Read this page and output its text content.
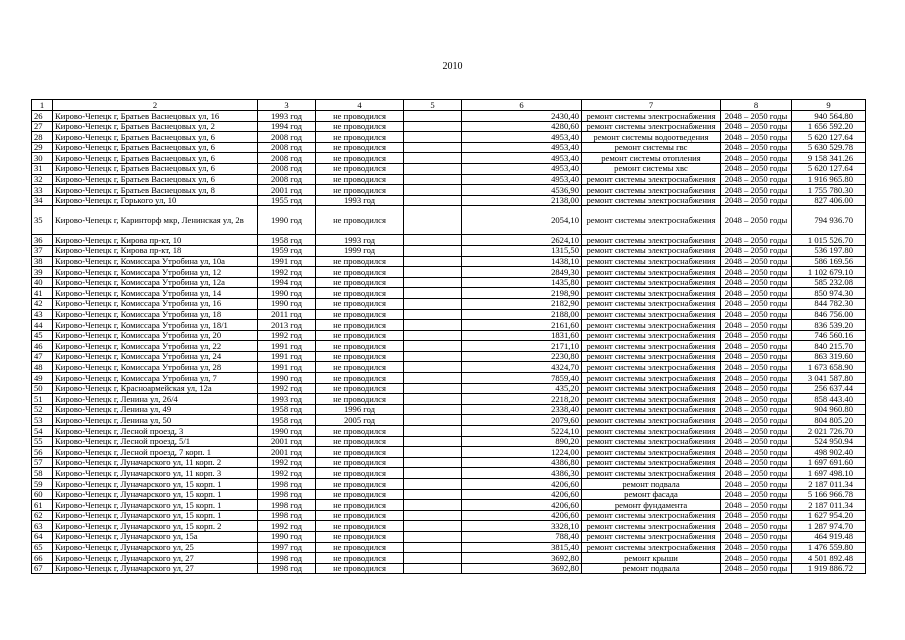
2010
1	2	3	4	5	6	7	8	9
26	Кирово-Чепецк г, Братьев Васнецовых ул, 16	1993 год	не проводился		2430,40	ремонт системы электроснабжения	2048 – 2050 годы	940 564.80
27	Кирово-Чепецк г, Братьев Васнецовых ул, 2	1994 год	не проводился		4280,60	ремонт системы электроснабжения	2048 – 2050 годы	1 656 592.20
28	Кирово-Чепецк г, Братьев Васнецовых ул, 6	2008 год	не проводился		4953,40	ремонт системы водоотведения	2048 – 2050 годы	5 620 127.64
29	Кирово-Чепецк г, Братьев Васнецовых ул, 6	2008 год	не проводился		4953,40	ремонт системы гвс	2048 – 2050 годы	5 630 529.78
30	Кирово-Чепецк г, Братьев Васнецовых ул, 6	2008 год	не проводился		4953,40	ремонт системы отопления	2048 – 2050 годы	9 158 341.26
31	Кирово-Чепецк г, Братьев Васнецовых ул, 6	2008 год	не проводился		4953,40	ремонт системы хвс	2048 – 2050 годы	5 620 127.64
32	Кирово-Чепецк г, Братьев Васнецовых ул, 6	2008 год	не проводился		4953,40	ремонт системы электроснабжения	2048 – 2050 годы	1 916 965.80
33	Кирово-Чепецк г, Братьев Васнецовых ул, 8	2001 год	не проводился		4536,90	ремонт системы электроснабжения	2048 – 2050 годы	1 755 780.30
34	Кирово-Чепецк г, Горького ул, 10	1955 год	1993 год		2138,00	ремонт системы электроснабжения	2048 – 2050 годы	827 406.00
35	Кирово-Чепецк г, Каринторф мкр, Ленинская ул, 2в	1990 год	не проводился		2054,10	ремонт системы электроснабжения	2048 – 2050 годы	794 936.70
36	Кирово-Чепецк г, Кирова пр-кт, 10	1958 год	1993 год		2624,10	ремонт системы электроснабжения	2048 – 2050 годы	1 015 526.70
37	Кирово-Чепецк г, Кирова пр-кт, 18	1959 год	1999 год		1315,50	ремонт системы электроснабжения	2048 – 2050 годы	536 197.80
38	Кирово-Чепецк г, Комиссара Утробина ул, 10а	1991 год	не проводился		1438,10	ремонт системы электроснабжения	2048 – 2050 годы	586 169.56
39	Кирово-Чепецк г, Комиссара Утробина ул, 12	1992 год	не проводился		2849,30	ремонт системы электроснабжения	2048 – 2050 годы	1 102 679.10
40	Кирово-Чепецк г, Комиссара Утробина ул, 12а	1994 год	не проводился		1435,80	ремонт системы электроснабжения	2048 – 2050 годы	585 232.08
41	Кирово-Чепецк г, Комиссара Утробина ул, 14	1990 год	не проводился		2198,90	ремонт системы электроснабжения	2048 – 2050 годы	850 974.30
42	Кирово-Чепецк г, Комиссара Утробина ул, 16	1990 год	не проводился		2182,90	ремонт системы электроснабжения	2048 – 2050 годы	844 782.30
43	Кирово-Чепецк г, Комиссара Утробина ул, 18	2011 год	не проводился		2188,00	ремонт системы электроснабжения	2048 – 2050 годы	846 756.00
44	Кирово-Чепецк г, Комиссара Утробина ул, 18/1	2013 год	не проводился		2161,60	ремонт системы электроснабжения	2048 – 2050 годы	836 539.20
45	Кирово-Чепецк г, Комиссара Утробина ул, 20	1992 год	не проводился		1831,60	ремонт системы электроснабжения	2048 – 2050 годы	746 560.16
46	Кирово-Чепецк г, Комиссара Утробина ул, 22	1991 год	не проводился		2171,10	ремонт системы электроснабжения	2048 – 2050 годы	840 215.70
47	Кирово-Чепецк г, Комиссара Утробина ул, 24	1991 год	не проводился		2230,80	ремонт системы электроснабжения	2048 – 2050 годы	863 319.60
48	Кирово-Чепецк г, Комиссара Утробина ул, 28	1991 год	не проводился		4324,70	ремонт системы электроснабжения	2048 – 2050 годы	1 673 658.90
49	Кирово-Чепецк г, Комиссара Утробина ул, 7	1990 год	не проводился		7859,40	ремонт системы электроснабжения	2048 – 2050 годы	3 041 587.80
50	Кирово-Чепецк г, Красноармейская ул, 12а	1992 год	не проводился		435,20	ремонт системы электроснабжения	2048 – 2050 годы	256 637.44
51	Кирово-Чепецк г, Ленина ул, 26/4	1993 год	не проводился		2218,20	ремонт системы электроснабжения	2048 – 2050 годы	858 443.40
52	Кирово-Чепецк г, Ленина ул, 49	1958 год	1996 год		2338,40	ремонт системы электроснабжения	2048 – 2050 годы	904 960.80
53	Кирово-Чепецк г, Ленина ул, 50	1958 год	2005 год		2079,60	ремонт системы электроснабжения	2048 – 2050 годы	804 805.20
54	Кирово-Чепецк г, Лесной проезд, 3	1990 год	не проводился		5224,10	ремонт системы электроснабжения	2048 – 2050 годы	2 021 726.70
55	Кирово-Чепецк г, Лесной проезд, 5/1	2001 год	не проводился		890,20	ремонт системы электроснабжения	2048 – 2050 годы	524 950.94
56	Кирово-Чепецк г, Лесной проезд, 7 корп. 1	2001 год	не проводился		1224,00	ремонт системы электроснабжения	2048 – 2050 годы	498 902.40
57	Кирово-Чепецк г, Луначарского ул, 11 корп. 2	1992 год	не проводился		4386,80	ремонт системы электроснабжения	2048 – 2050 годы	1 697 691.60
58	Кирово-Чепецк г, Луначарского ул, 11 корп. 3	1992 год	не проводился		4386,30	ремонт системы электроснабжения	2048 – 2050 годы	1 697 498.10
59	Кирово-Чепецк г, Луначарского ул, 15 корп. 1	1998 год	не проводился		4206,60	ремонт подвала	2048 – 2050 годы	2 187 011.34
60	Кирово-Чепецк г, Луначарского ул, 15 корп. 1	1998 год	не проводился		4206,60	ремонт фасада	2048 – 2050 годы	5 166 966.78
61	Кирово-Чепецк г, Луначарского ул, 15 корп. 1	1998 год	не проводился		4206,60	ремонт фундамента	2048 – 2050 годы	2 187 011.34
62	Кирово-Чепецк г, Луначарского ул, 15 корп. 1	1998 год	не проводился		4206,60	ремонт системы электроснабжения	2048 – 2050 годы	1 627 954.20
63	Кирово-Чепецк г, Луначарского ул, 15 корп. 2	1992 год	не проводился		3328,10	ремонт системы электроснабжения	2048 – 2050 годы	1 287 974.70
64	Кирово-Чепецк г, Луначарского ул, 15а	1990 год	не проводился		788,40	ремонт системы электроснабжения	2048 – 2050 годы	464 919.48
65	Кирово-Чепецк г, Луначарского ул, 25	1997 год	не проводился		3815,40	ремонт системы электроснабжения	2048 – 2050 годы	1 476 559.80
66	Кирово-Чепецк г, Луначарского ул, 27	1998 год	не проводился		3692,80	ремонт крыши	2048 – 2050 годы	4 501 892.48
67	Кирово-Чепецк г, Луначарского ул, 27	1998 год	не проводился		3692,80	ремонт подвала	2048 – 2050 годы	1 919 886.72
